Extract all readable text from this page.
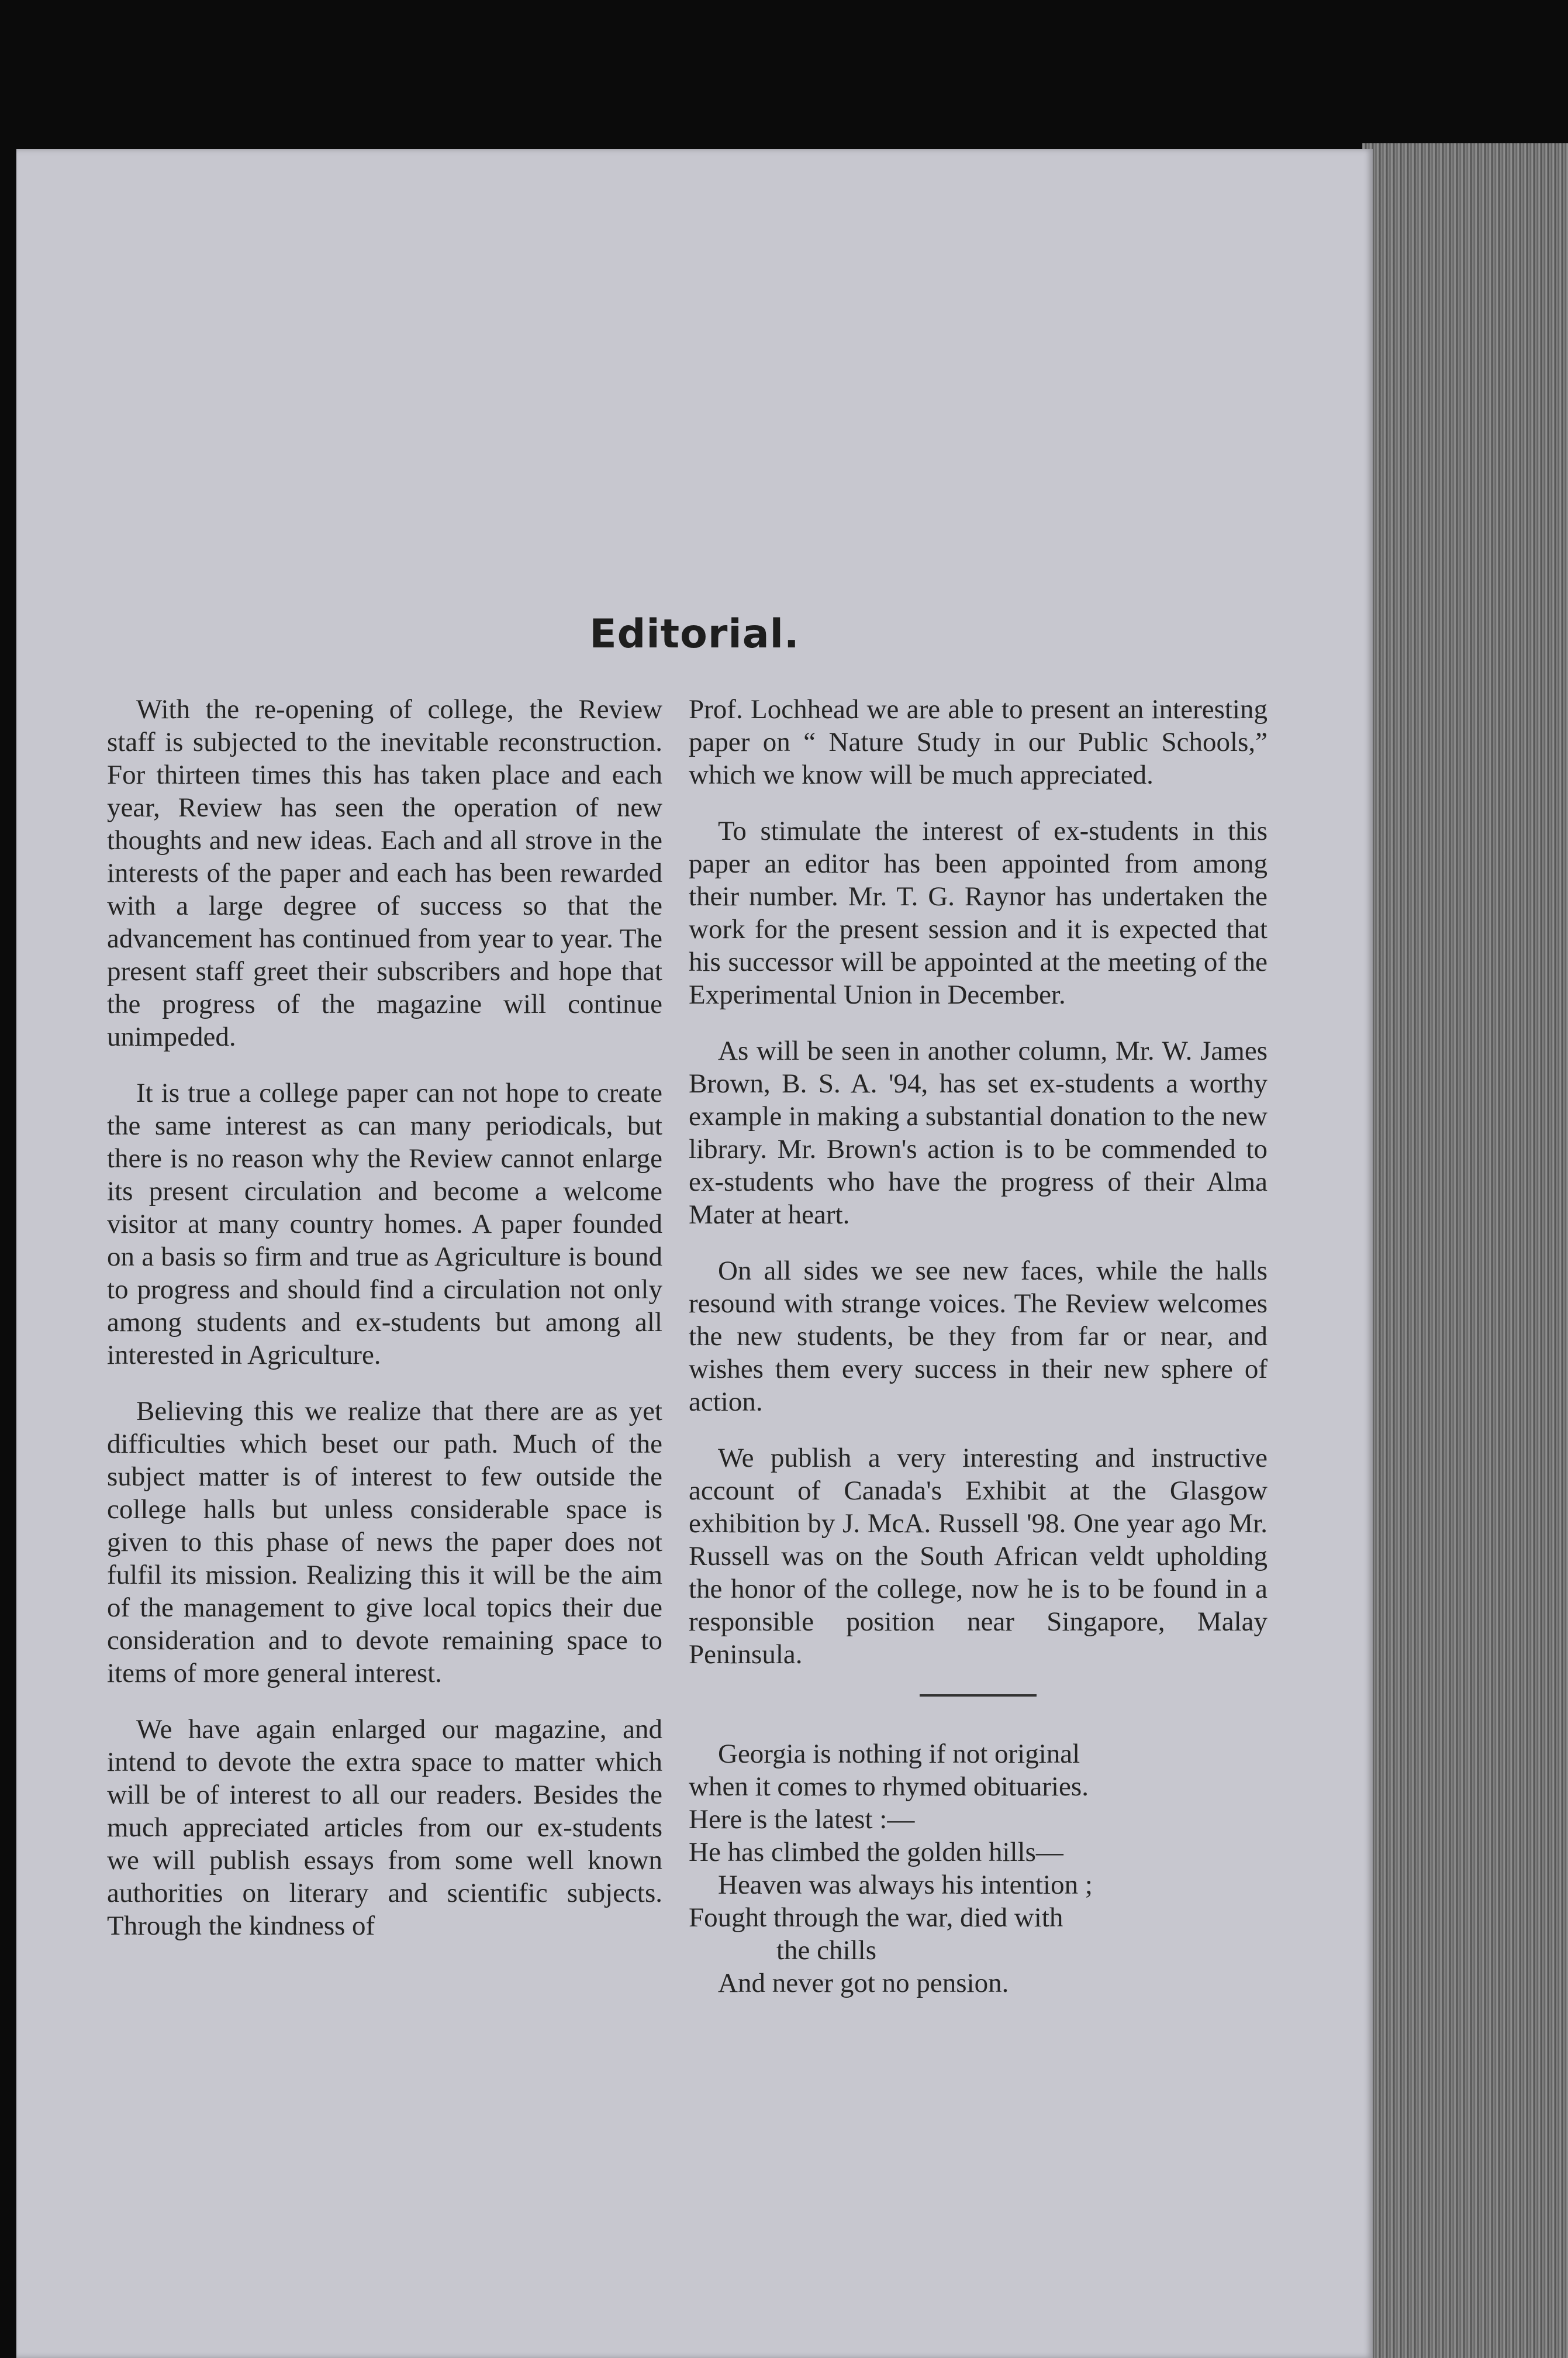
Editorial.

With the re-opening of college, the Review staff is subjected to the inevitable reconstruction. For thirteen times this has taken place and each year, Review has seen the operation of new thoughts and new ideas. Each and all strove in the interests of the paper and each has been rewarded with a large degree of success so that the advancement has continued from year to year. The present staff greet their subscribers and hope that the progress of the magazine will continue unimpeded.

It is true a college paper can not hope to create the same interest as can many periodicals, but there is no reason why the Review cannot enlarge its present circulation and become a welcome visitor at many country homes. A paper founded on a basis so firm and true as Agriculture is bound to progress and should find a circulation not only among students and ex-students but among all interested in Agriculture.

Believing this we realize that there are as yet difficulties which beset our path. Much of the subject matter is of interest to few outside the college halls but unless considerable space is given to this phase of news the paper does not fulfil its mission. Realizing this it will be the aim of the management to give local topics their due consideration and to devote remaining space to items of more general interest.

We have again enlarged our magazine, and intend to devote the extra space to matter which will be of interest to all our readers. Besides the much appreciated articles from our ex-students we will publish essays from some well known authorities on literary and scientific subjects. Through the kindness of

Prof. Lochhead we are able to present an interesting paper on “ Nature Study in our Public Schools,” which we know will be much appreciated.

To stimulate the interest of ex-students in this paper an editor has been appointed from among their number. Mr. T. G. Raynor has undertaken the work for the present session and it is expected that his successor will be appointed at the meeting of the Experimental Union in December.

As will be seen in another column, Mr. W. James Brown, B. S. A. '94, has set ex-students a worthy example in making a substantial donation to the new library. Mr. Brown's action is to be commended to ex-students who have the progress of their Alma Mater at heart.

On all sides we see new faces, while the halls resound with strange voices. The Review welcomes the new students, be they from far or near, and wishes them every success in their new sphere of action.

We publish a very interesting and instructive account of Canada's Exhibit at the Glasgow exhibition by J. McA. Russell '98. One year ago Mr. Russell was on the South African veldt upholding the honor of the college, now he is to be found in a responsible position near Singapore, Malay Peninsula.

Georgia is nothing if not original
when it comes to rhymed obituaries.
Here is the latest :—
He has climbed the golden hills—
Heaven was always his intention ;
Fought through the war, died with
the chills
And never got no pension.
